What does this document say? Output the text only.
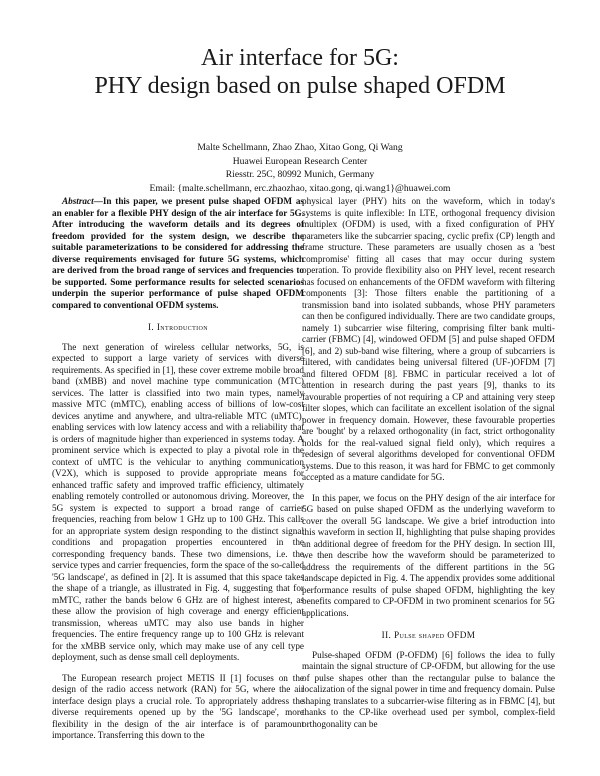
Air interface for 5G:
PHY design based on pulse shaped OFDM
Malte Schellmann, Zhao Zhao, Xitao Gong, Qi Wang
Huawei European Research Center
Riesstr. 25C, 80992 Munich, Germany
Email: {malte.schellmann, erc.zhaozhao, xitao.gong, qi.wang1}@huawei.com

Abstract—In this paper, we present pulse shaped OFDM as an enabler for a flexible PHY design of the air interface for 5G. After introducing the waveform details and its degrees of freedom provided for the system design, we describe the suitable parameterizations to be considered for addressing the diverse requirements envisaged for future 5G systems, which are derived from the broad range of services and frequencies to be supported. Some performance results for selected scenarios underpin the superior performance of pulse shaped OFDM compared to conventional OFDM systems.

I. Introduction

The next generation of wireless cellular networks, 5G, is expected to support a large variety of services with diverse requirements. As specified in [1], these cover extreme mobile broad band (xMBB) and novel machine type communication (MTC) services. The latter is classified into two main types, namely massive MTC (mMTC), enabling access of billions of low-cost devices anytime and anywhere, and ultra-reliable MTC (uMTC), enabling services with low latency access and with a reliability that is orders of magnitude higher than experienced in systems today. A prominent service which is expected to play a pivotal role in the context of uMTC is the vehicular to anything communication (V2X), which is supposed to provide appropriate means for enhanced traffic safety and improved traffic efficiency, ultimately enabling remotely controlled or autonomous driving. Moreover, the 5G system is expected to support a broad range of carrier frequencies, reaching from below 1 GHz up to 100 GHz. This calls for an appropriate system design responding to the distinct signal conditions and propagation properties encountered in the corresponding frequency bands. These two dimensions, i.e. the service types and carrier frequencies, form the space of the so-called '5G landscape', as defined in [2]. It is assumed that this space takes the shape of a triangle, as illustrated in Fig. 4, suggesting that for mMTC, rather the bands below 6 GHz are of highest interest, as these allow the provision of high coverage and energy efficient transmission, whereas uMTC may also use bands in higher frequencies. The entire frequency range up to 100 GHz is relevant for the xMBB service only, which may make use of any cell type deployment, such as dense small cell deployments.

The European research project METIS II [1] focuses on the design of the radio access network (RAN) for 5G, where the air interface design plays a crucial role. To appropriately address the diverse requirements opened up by the '5G landscape', more flexibility in the design of the air interface is of paramount importance. Transferring this down to the

physical layer (PHY) hits on the waveform, which in today's systems is quite inflexible: In LTE, orthogonal frequency division multiplex (OFDM) is used, with a fixed configuration of PHY parameters like the subcarrier spacing, cyclic prefix (CP) length and frame structure. These parameters are usually chosen as a 'best compromise' fitting all cases that may occur during system operation. To provide flexibility also on PHY level, recent research has focused on enhancements of the OFDM waveform with filtering components [3]: Those filters enable the partitioning of a transmission band into isolated subbands, whose PHY parameters can then be configured individually. There are two candidate groups, namely 1) subcarrier wise filtering, comprising filter bank multi-carrier (FBMC) [4], windowed OFDM [5] and pulse shaped OFDM [6], and 2) sub-band wise filtering, where a group of subcarriers is filtered, with candidates being universal filtered (UF-)OFDM [7] and filtered OFDM [8]. FBMC in particular received a lot of attention in research during the past years [9], thanks to its favourable properties of not requiring a CP and attaining very steep filter slopes, which can facilitate an excellent isolation of the signal power in frequency domain. However, these favourable properties are 'bought' by a relaxed orthogonality (in fact, strict orthogonality holds for the real-valued signal field only), which requires a redesign of several algorithms developed for conventional OFDM systems. Due to this reason, it was hard for FBMC to get commonly accepted as a mature candidate for 5G.

In this paper, we focus on the PHY design of the air interface for 5G based on pulse shaped OFDM as the underlying waveform to cover the overall 5G landscape. We give a brief introduction into this waveform in section II, highlighting that pulse shaping provides an additional degree of freedom for the PHY design. In section III, we then describe how the waveform should be parameterized to address the requirements of the different partitions in the 5G landscape depicted in Fig. 4. The appendix provides some additional performance results of pulse shaped OFDM, highlighting the key benefits compared to CP-OFDM in two prominent scenarios for 5G applications.

II. Pulse shaped OFDM

Pulse-shaped OFDM (P-OFDM) [6] follows the idea to fully maintain the signal structure of CP-OFDM, but allowing for the use of pulse shapes other than the rectangular pulse to balance the localization of the signal power in time and frequency domain. Pulse shaping translates to a subcarrier-wise filtering as in FBMC [4], but thanks to the CP-like overhead used per symbol, complex-field orthogonality can be
